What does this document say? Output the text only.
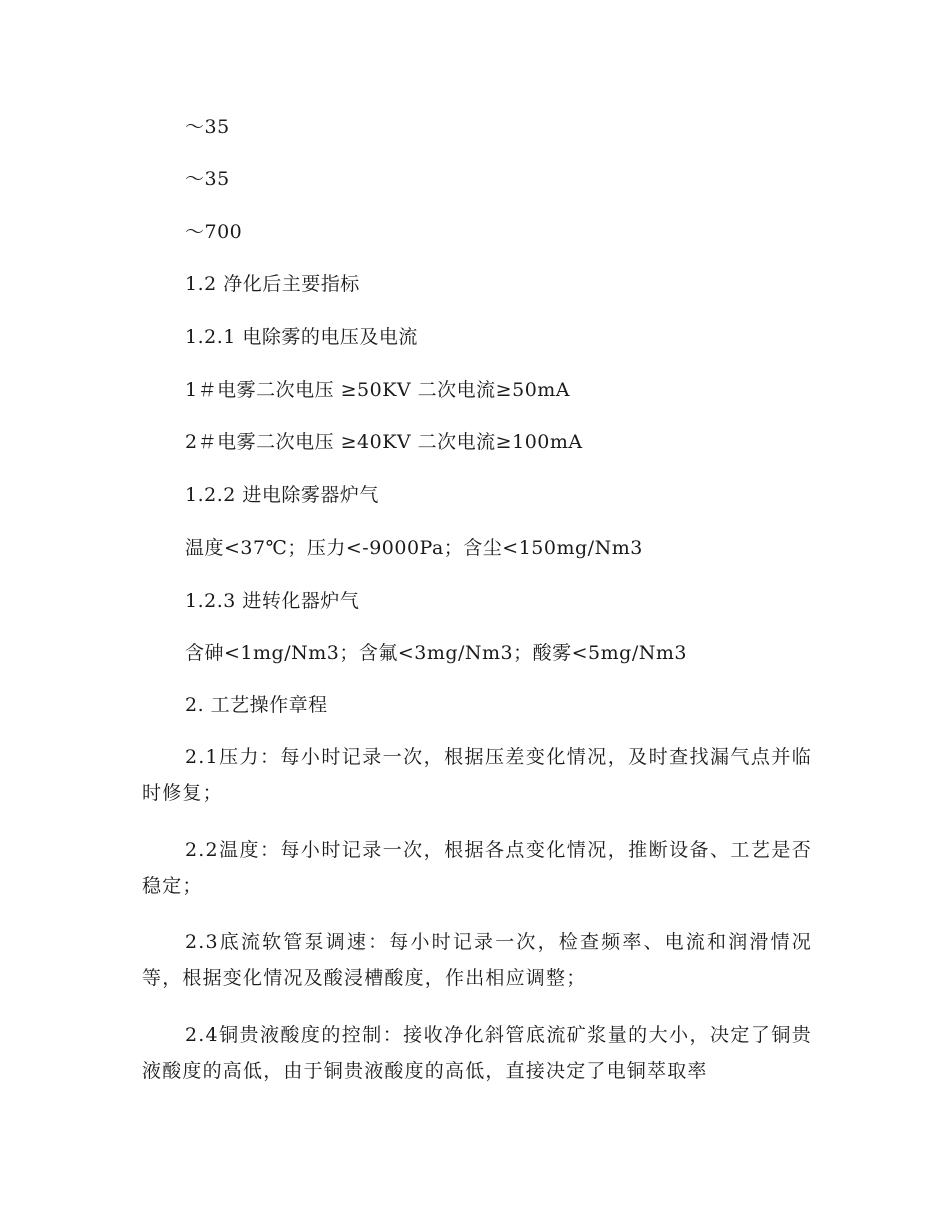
～35
～35
～700
1.2 净化后主要指标
1.2.1 电除雾的电压及电流
1＃电雾二次电压 ≥50KV 二次电流≥50mA
2＃电雾二次电压 ≥40KV 二次电流≥100mA
1.2.2 进电除雾器炉气
温度<37℃；压力<-9000Pa；含尘<150mg/Nm3
1.2.3 进转化器炉气
含砷<1mg/Nm3；含氟<3mg/Nm3；酸雾<5mg/Nm3
2. 工艺操作章程
2.1压力：每小时记录一次，根据压差变化情况，及时查找漏气点并临时修复；
2.2温度：每小时记录一次，根据各点变化情况，推断设备、工艺是否稳定；
2.3底流软管泵调速：每小时记录一次，检查频率、电流和润滑情况等，根据变化情况及酸浸槽酸度，作出相应调整；
2.4铜贵液酸度的控制：接收净化斜管底流矿浆量的大小，决定了铜贵液酸度的高低，由于铜贵液酸度的高低，直接决定了电铜萃取率
